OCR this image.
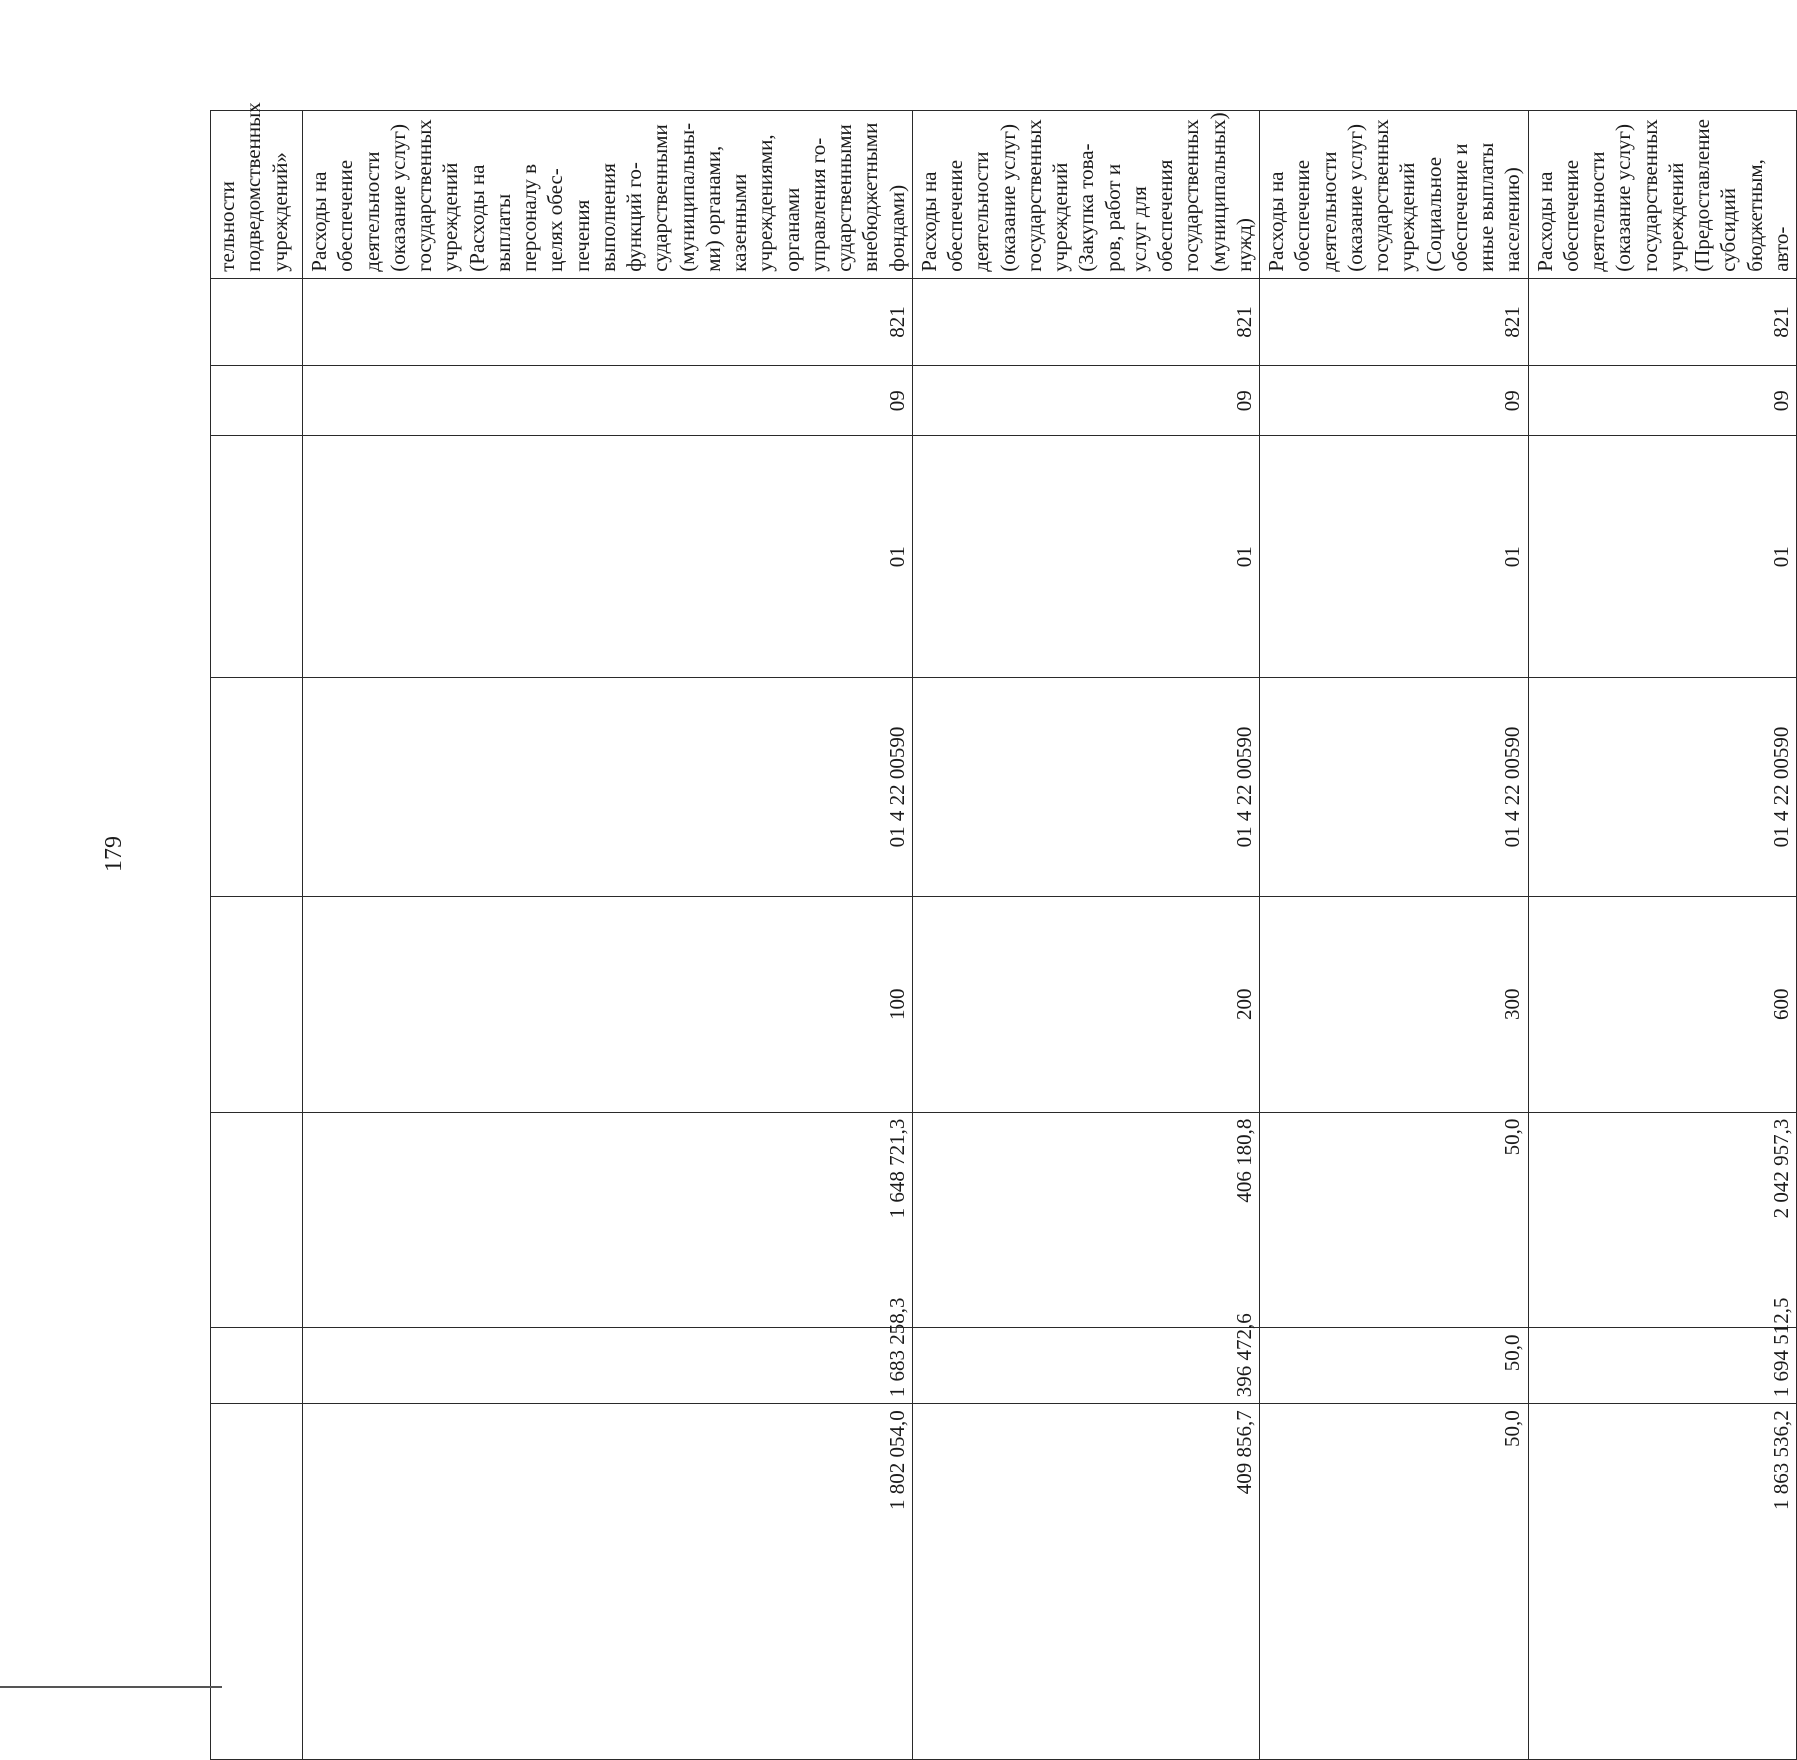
179
								тельности подведомственных учреждений»
1 802 054,0	1 683 258,3	1 648 721,3	100	01 4 22 00590	01	09	821	Расходы на обеспечение деятельности (оказание услуг) государственных учреждений (Расходы на выплаты персоналу в целях обеспечения выполнения функций государственными (муниципальными) органами, казенными учреждениями, органами управления государственными внебюджетными фондами)
409 856,7	396 472,6	406 180,8	200	01 4 22 00590	01	09	821	Расходы на обеспечение деятельности (оказание услуг) государственных учреждений (Закупка товаров, работ и услуг для обеспечения государственных (муниципальных) нужд)
50,0	50,0	50,0	300	01 4 22 00590	01	09	821	Расходы на обеспечение деятельности (оказание услуг) государственных учреждений (Социальное обеспечение и иные выплаты населению)
1 863 536,2	1 694 512,5	2 042 957,3	600	01 4 22 00590	01	09	821	Расходы на обеспечение деятельности (оказание услуг) государственных учреждений (Предоставление субсидий бюджетным, авто-
